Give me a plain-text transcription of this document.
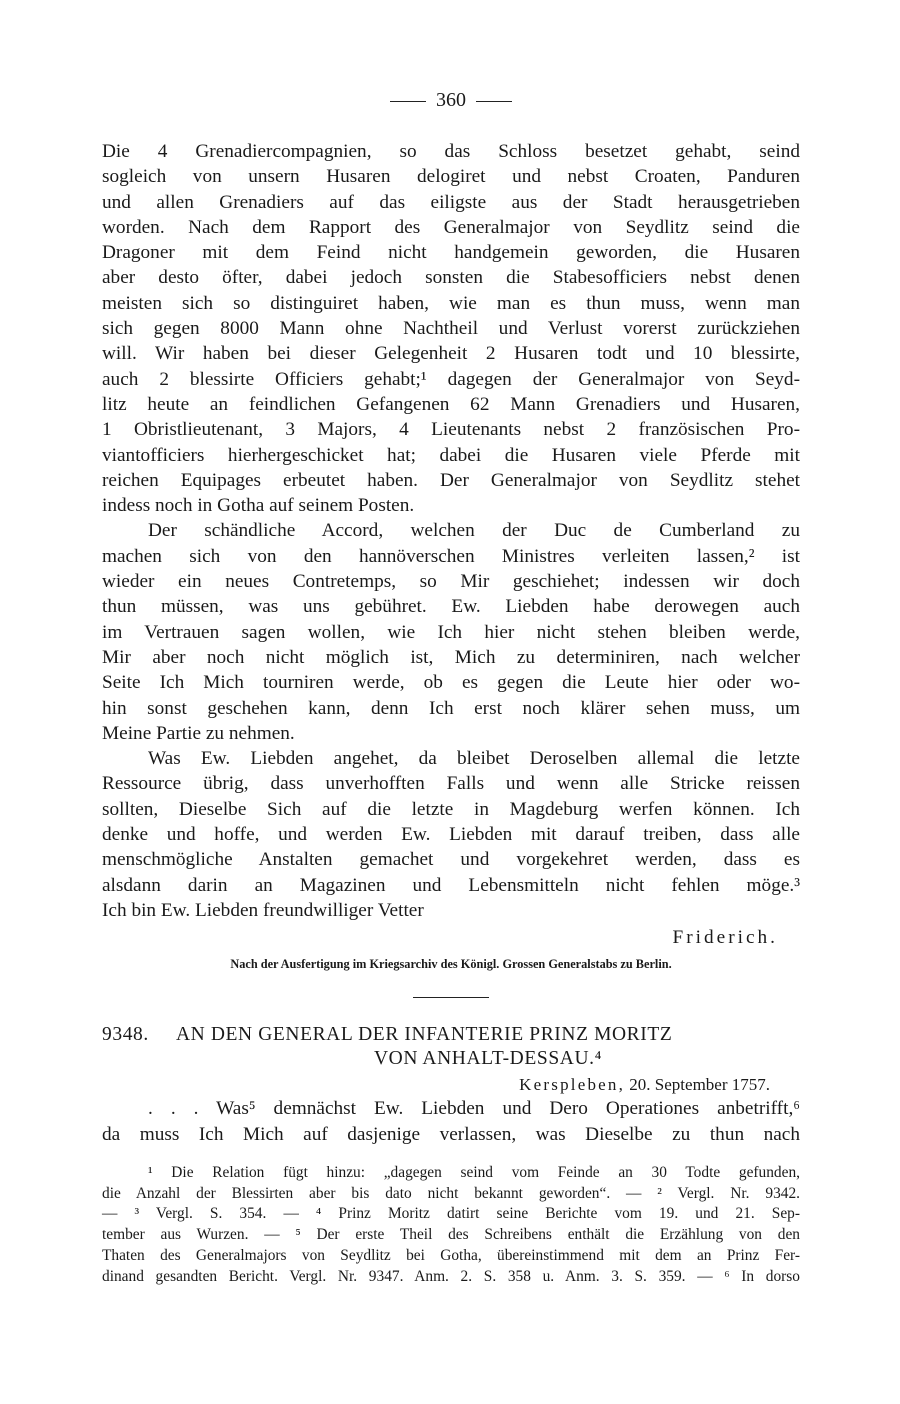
360

Die 4 Grenadiercompagnien, so das Schloss besetzet gehabt, seind

sogleich von unsern Husaren delogiret und nebst Croaten, Panduren

und allen Grenadiers auf das eiligste aus der Stadt herausgetrieben

worden. Nach dem Rapport des Generalmajor von Seydlitz seind die

Dragoner mit dem Feind nicht handgemein geworden, die Husaren

aber desto öfter, dabei jedoch sonsten die Stabesofficiers nebst denen

meisten sich so distinguiret haben, wie man es thun muss, wenn man

sich gegen 8000 Mann ohne Nachtheil und Verlust vorerst zurückziehen

will. Wir haben bei dieser Gelegenheit 2 Husaren todt und 10 blessirte,

auch 2 blessirte Officiers gehabt;¹ dagegen der Generalmajor von Seyd-

litz heute an feindlichen Gefangenen 62 Mann Grenadiers und Husaren,

1 Obristlieutenant, 3 Majors, 4 Lieutenants nebst 2 französischen Pro-

viantofficiers hierhergeschicket hat; dabei die Husaren viele Pferde mit

reichen Equipages erbeutet haben. Der Generalmajor von Seydlitz stehet

indess noch in Gotha auf seinem Posten.

Der schändliche Accord, welchen der Duc de Cumberland zu

machen sich von den hannöverschen Ministres verleiten lassen,² ist

wieder ein neues Contretemps, so Mir geschiehet; indessen wir doch

thun müssen, was uns gebühret. Ew. Liebden habe derowegen auch

im Vertrauen sagen wollen, wie Ich hier nicht stehen bleiben werde,

Mir aber noch nicht möglich ist, Mich zu determiniren, nach welcher

Seite Ich Mich tourniren werde, ob es gegen die Leute hier oder wo-

hin sonst geschehen kann, denn Ich erst noch klärer sehen muss, um

Meine Partie zu nehmen.

Was Ew. Liebden angehet, da bleibet Deroselben allemal die letzte

Ressource übrig, dass unverhofften Falls und wenn alle Stricke reissen

sollten, Dieselbe Sich auf die letzte in Magdeburg werfen können. Ich

denke und hoffe, und werden Ew. Liebden mit darauf treiben, dass alle

menschmögliche Anstalten gemachet und vorgekehret werden, dass es

alsdann darin an Magazinen und Lebensmitteln nicht fehlen möge.³

Ich bin Ew. Liebden freundwilliger Vetter

Friderich.
Nach der Ausfertigung im Kriegsarchiv des Königl. Grossen Generalstabs zu Berlin.
9348. AN DEN GENERAL DER INFANTERIE PRINZ MORITZ
VON ANHALT-DESSAU.⁴
Kerspleben, 20. September 1757.

. . . Was⁵ demnächst Ew. Liebden und Dero Operationes anbetrifft,⁶

da muss Ich Mich auf dasjenige verlassen, was Dieselbe zu thun nach

¹ Die Relation fügt hinzu: „dagegen seind vom Feinde an 30 Todte gefunden,

die Anzahl der Blessirten aber bis dato nicht bekannt geworden“. — ² Vergl. Nr. 9342.

— ³ Vergl. S. 354. — ⁴ Prinz Moritz datirt seine Berichte vom 19. und 21. Sep-

tember aus Wurzen. — ⁵ Der erste Theil des Schreibens enthält die Erzählung von den

Thaten des Generalmajors von Seydlitz bei Gotha, übereinstimmend mit dem an Prinz Fer-

dinand gesandten Bericht. Vergl. Nr. 9347. Anm. 2. S. 358 u. Anm. 3. S. 359. — ⁶ In dorso
